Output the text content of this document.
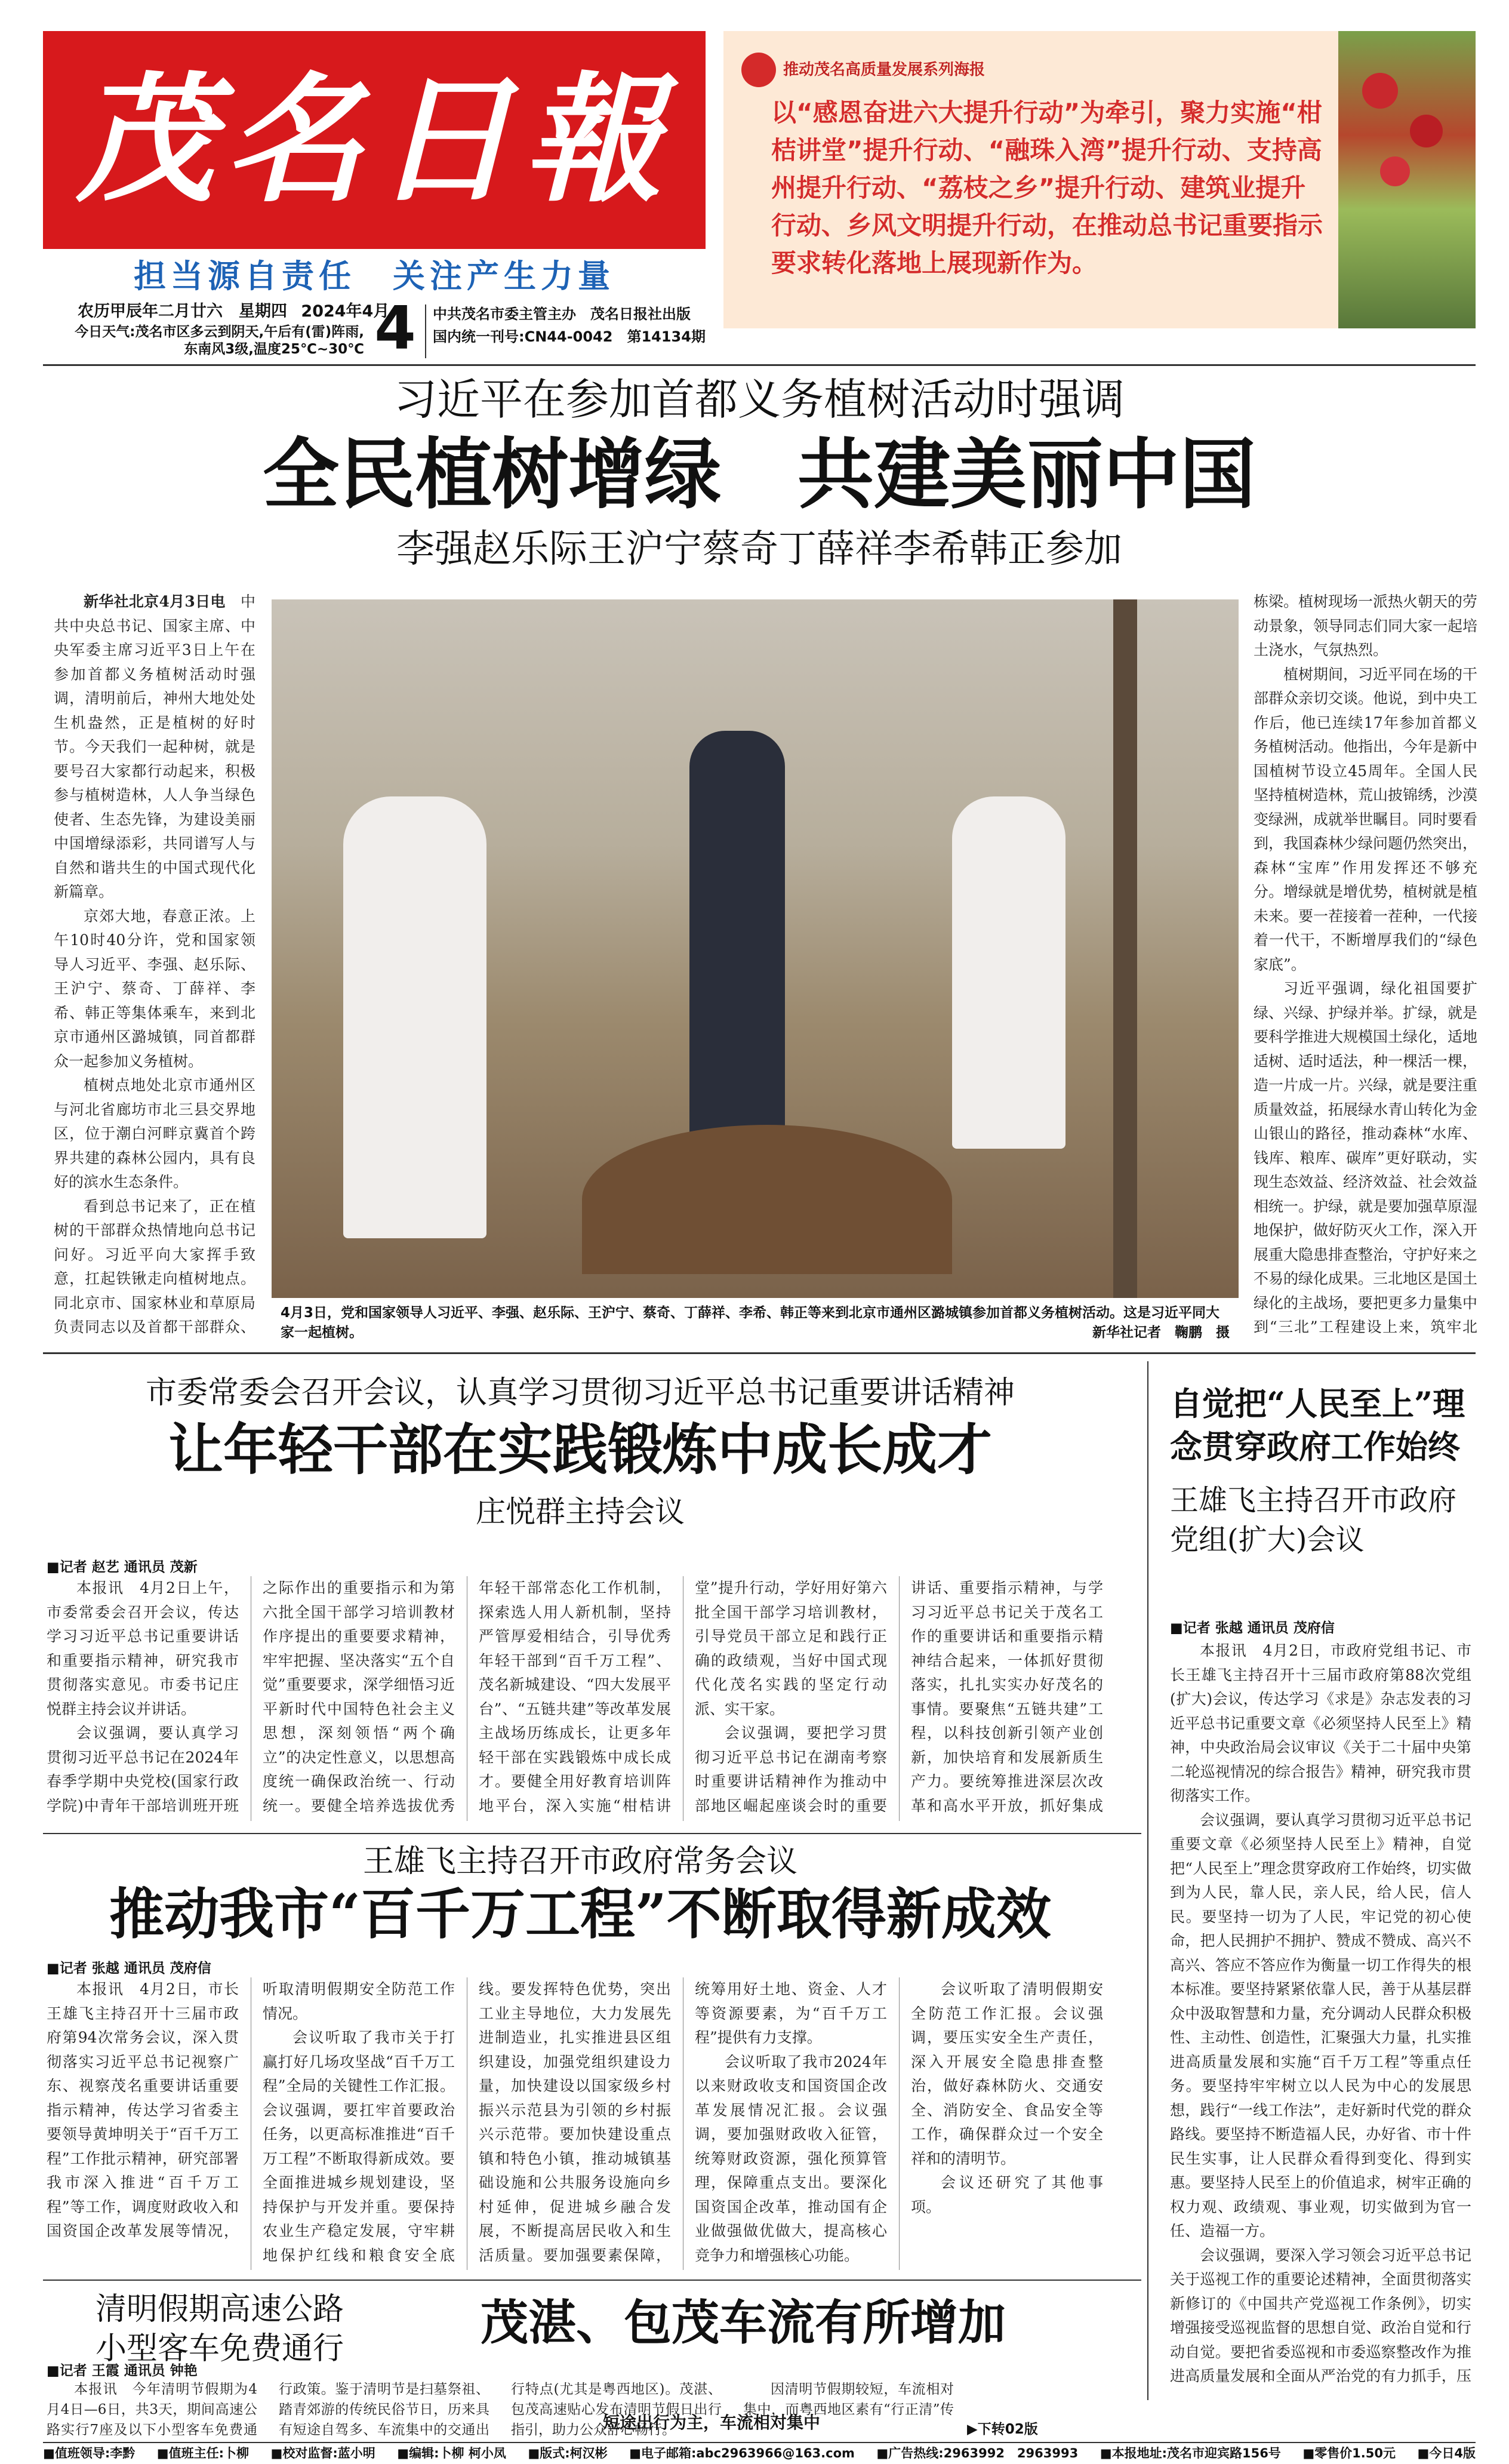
茂名日報
担当源自责任　关注产生力量
农历甲辰年二月廿六　星期四 2024年4月
今日天气:茂名市区多云到阴天,午后有(雷)阵雨,东南风3级,温度25℃~30℃ 4 中共茂名市委主管主办　茂名日报社出版
国内统一刊号:CN44-0042　第14134期
推动茂名高质量发展系列海报
以“感恩奋进六大提升行动”为牵引，聚力实施“柑桔讲堂”提升行动、“融珠入湾”提升行动、支持高州提升行动、“荔枝之乡”提升行动、建筑业提升行动、乡风文明提升行动，在推动总书记重要指示要求转化落地上展现新作为。
习近平在参加首都义务植树活动时强调
全民植树增绿　共建美丽中国
李强赵乐际王沪宁蔡奇丁薛祥李希韩正参加

新华社北京4月3日电　 中共中央总书记、国家主席、中央军委主席习近平3日上午在参加首都义务植树活动时强调，清明前后，神州大地处处生机盎然，正是植树的好时节。今天我们一起种树，就是要号召大家都行动起来，积极参与植树造林，人人争当绿色使者、生态先锋，为建设美丽中国增绿添彩，共同谱写人与自然和谐共生的中国式现代化新篇章。

京郊大地，春意正浓。上午10时40分许，党和国家领导人习近平、李强、赵乐际、王沪宁、蔡奇、丁薛祥、李希、韩正等集体乘车，来到北京市通州区潞城镇，同首都群众一起参加义务植树。

植树点地处北京市通州区与河北省廊坊市北三县交界地区，位于潮白河畔京冀首个跨界共建的森林公园内，具有良好的滨水生态条件。

看到总书记来了，正在植树的干部群众热情地向总书记问好。习近平向大家挥手致意，扛起铁锹走向植树地点。同北京市、国家林业和草原局负责同志以及首都干部群众、

4月3日，党和国家领导人习近平、李强、赵乐际、王沪宁、蔡奇、丁薛祥、李希、韩正等来到北京市通州区潞城镇参加首都义务植树活动。这是习近平同大家一起植树。	新华社记者　鞠鹏　摄

栋梁。植树现场一派热火朝天的劳动景象，领导同志们同大家一起培土浇水，气氛热烈。

植树期间，习近平同在场的干部群众亲切交谈。他说，到中央工作后，他已连续17年参加首都义务植树活动。他指出，今年是新中国植树节设立45周年。全国人民坚持植树造林，荒山披锦绣，沙漠变绿洲，成就举世瞩目。同时要看到，我国森林少绿问题仍然突出，森林“宝库”作用发挥还不够充分。增绿就是增优势，植树就是植未来。要一茬接着一茬种，一代接着一代干，不断增厚我们的“绿色家底”。

习近平强调，绿化祖国要扩绿、兴绿、护绿并举。扩绿，就是要科学推进大规模国土绿化，适地适树、适时适法，种一棵活一棵，造一片成一片。兴绿，就是要注重质量效益，拓展绿水青山转化为金山银山的路径，推动森林“水库、钱库、粮库、碳库”更好联动，实现生态效益、经济效益、社会效益相统一。护绿，就是要加强草原湿地保护，做好防灭火工作，深入开展重大隐患排查整治，守护好来之不易的绿化成果。三北地区是国土绿化的主战场，要把更多力量集中到“三北”工程建设上来，筑牢北

市委常委会召开会议，认真学习贯彻习近平总书记重要讲话精神
让年轻干部在实践锻炼中成长成才
庄悦群主持会议
■记者 赵艺 通讯员 茂新

本报讯　4月2日上午，市委常委会召开会议，传达学习习近平总书记重要讲话和重要指示精神，研究我市贯彻落实意见。市委书记庄悦群主持会议并讲话。

会议强调，要认真学习贯彻习近平总书记在2024年春季学期中央党校(国家行政学院)中青年干部培训班开班之际作出的重要指示和为第六批全国干部学习培训教材作序提出的重要要求精神，牢牢把握、坚决落实“五个自觉”重要要求，深学细悟习近平新时代中国特色社会主义思想，深刻领悟“两个确立”的决定性意义，以思想高度统一确保政治统一、行动统一。要健全培养选拔优秀年轻干部常态化工作机制，探索选人用人新机制，坚持严管厚爱相结合，引导优秀年轻干部到“百千万工程”、茂名新城建设、“四大发展平台”、“五链共建”等改革发展主战场历练成长，让更多年轻干部在实践锻炼中成长成才。要健全用好教育培训阵地平台，深入实施“柑桔讲堂”提升行动，学好用好第六批全国干部学习培训教材，引导党员干部立足和践行正确的政绩观，当好中国式现代化茂名实践的坚定行动派、实干家。

会议强调，要把学习贯彻习近平总书记在湖南考察时重要讲话精神作为推动中部地区崛起座谈会时的重要讲话、重要指示精神，与学习习近平总书记关于茂名工作的重要讲话和重要指示精神结合起来，一体抓好贯彻落实，扎扎实实办好茂名的事情。要聚焦“五链共建”工程，以科技创新引领产业创新，加快培育和发展新质生产力。要统筹推进深层次改革和高水平开放，抓好集成

自觉把“人民至上”理念贯穿政府工作始终
王雄飞主持召开市政府党组(扩大)会议
■记者 张越 通讯员 茂府信

本报讯　4月2日，市政府党组书记、市长王雄飞主持召开十三届市政府第88次党组(扩大)会议，传达学习《求是》杂志发表的习近平总书记重要文章《必须坚持人民至上》精神，中央政治局会议审议《关于二十届中央第二轮巡视情况的综合报告》精神，研究我市贯彻落实工作。

会议强调，要认真学习贯彻习近平总书记重要文章《必须坚持人民至上》精神，自觉把“人民至上”理念贯穿政府工作始终，切实做到为人民，靠人民，亲人民，给人民，信人民。要坚持一切为了人民，牢记党的初心使命，把人民拥护不拥护、赞成不赞成、高兴不高兴、答应不答应作为衡量一切工作得失的根本标准。要坚持紧紧依靠人民，善于从基层群众中汲取智慧和力量，充分调动人民群众积极性、主动性、创造性，汇聚强大力量，扎实推进高质量发展和实施“百千万工程”等重点任务。要坚持牢牢树立以人民为中心的发展思想，践行“一线工作法”，走好新时代党的群众路线。要坚持不断造福人民，办好省、市十件民生实事，让人民群众看得到变化、得到实惠。要坚持人民至上的价值追求，树牢正确的权力观、政绩观、事业观，切实做到为官一任、造福一方。

会议强调，要深入学习领会习近平总书记关于巡视工作的重要论述精神，全面贯彻落实新修订的《中国共产党巡视工作条例》，切实增强接受巡视监督的思想自觉、政治自觉和行动自觉。要把省委巡视和市委巡察整改作为推进高质量发展和全面从严治党的有力抓手，压

王雄飞主持召开市政府常务会议
推动我市“百千万工程”不断取得新成效
■记者 张越 通讯员 茂府信

本报讯　4月2日，市长王雄飞主持召开十三届市政府第94次常务会议，深入贯彻落实习近平总书记视察广东、视察茂名重要讲话重要指示精神，传达学习省委主要领导黄坤明关于“百千万工程”工作批示精神，研究部署我市深入推进“百千万工程”等工作，调度财政收入和国资国企改革发展等情况，听取清明假期安全防范工作情况。

会议听取了我市关于打赢打好几场攻坚战“百千万工程”全局的关键性工作汇报。会议强调，要扛牢首要政治任务，以更高标准推进“百千万工程”不断取得新成效。要全面推进城乡规划建设，坚持保护与开发并重。要保持农业生产稳定发展，守牢耕地保护红线和粮食安全底线。要发挥特色优势，突出工业主导地位，大力发展先进制造业，扎实推进县区组织建设，加强党组织建设力量，加快建设以国家级乡村振兴示范县为引领的乡村振兴示范带。要加快建设重点镇和特色小镇，推动城镇基础设施和公共服务设施向乡村延伸，促进城乡融合发展，不断提高居民收入和生活质量。要加强要素保障，统筹用好土地、资金、人才等资源要素，为“百千万工程”提供有力支撑。

会议听取了我市2024年以来财政收支和国资国企改革发展情况汇报。会议强调，要加强财政收入征管，统筹财政资源，强化预算管理，保障重点支出。要深化国资国企改革，推动国有企业做强做优做大，提高核心竞争力和增强核心功能。

会议听取了清明假期安全防范工作汇报。会议强调，要压实安全生产责任，深入开展安全隐患排查整治，做好森林防火、交通安全、消防安全、食品安全等工作，确保群众过一个安全祥和的清明节。

会议还研究了其他事项。

清明假期高速公路
小型客车免费通行	茂湛、包茂车流有所增加
■记者 王霞 通讯员 钟艳

本报讯　今年清明节假期为4月4日—6日，共3天，期间高速公路实行7座及以下小型客车免费通行政策。鉴于清明节是扫墓祭祖、踏青郊游的传统民俗节日，历来具有短途自驾多、车流集中的交通出行特点(尤其是粤西地区)。茂湛、包茂高速贴心发布清明节假日出行指引，助力公众舒心畅行。

因清明节假期较短，车流相对集中，而粤西地区素有“行正清”传

短途出行为主，车流相对集中	▶下转02版
■值班领导:李黔 ■值班主任:卜柳 ■校对监督:蓝小明 ■编辑:卜柳 柯小凤 ■版式:柯汉彬 ■电子邮箱:abc2963966@163.com ■广告热线:2963992　2963993 ■本报地址:茂名市迎宾路156号 ■零售价1.50元 ■今日4版
